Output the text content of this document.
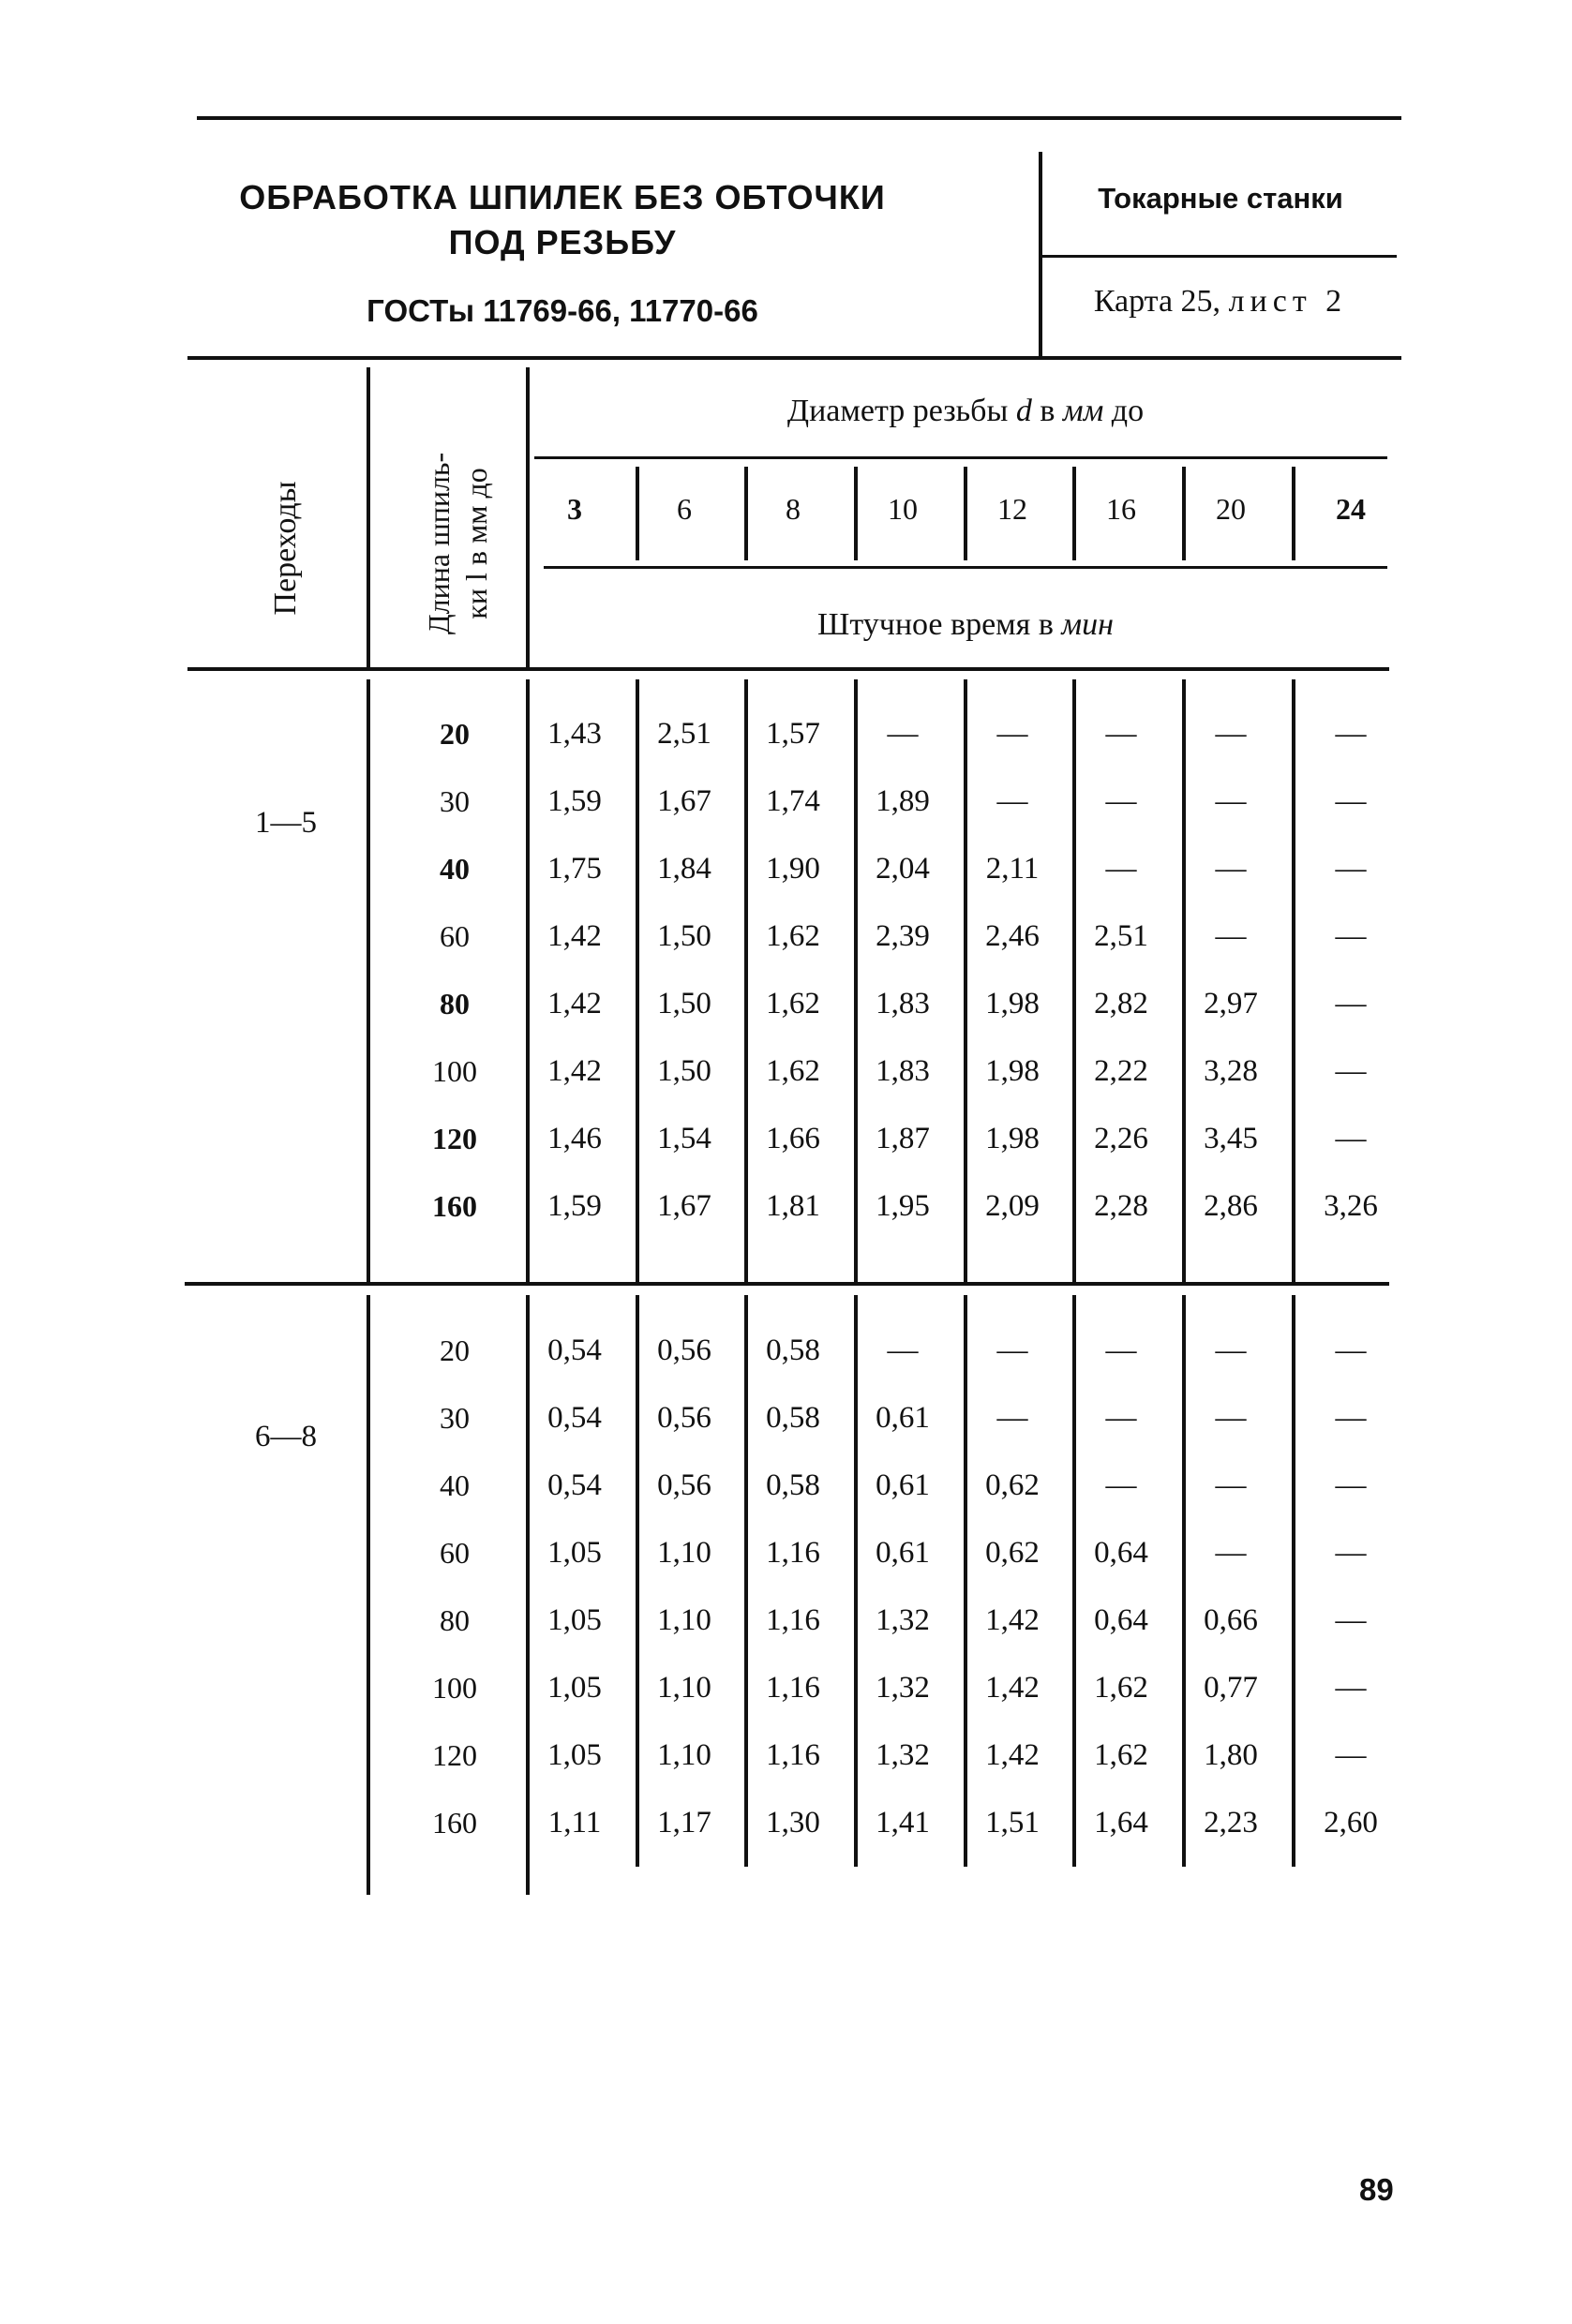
ОБРАБОТКА ШПИЛЕК БЕЗ ОБТОЧКИ
ПОД РЕЗЬБУ
ГОСТы 11769-66, 11770-66
Токарные станки
Карта 25, лист 2
Переходы	Длина шпиль- ки l в мм до
Диаметр резьбы d в мм до
3	6	8	10	12	16	20	24
Штучное время в мин
1—5
20	1,43	2,51	1,57	—	—	—	—	—
30	1,59	1,67	1,74	1,89	—	—	—	—
40	1,75	1,84	1,90	2,04	2,11	—	—	—
60	1,42	1,50	1,62	2,39	2,46	2,51	—	—
80	1,42	1,50	1,62	1,83	1,98	2,82	2,97	—
100	1,42	1,50	1,62	1,83	1,98	2,22	3,28	—
120	1,46	1,54	1,66	1,87	1,98	2,26	3,45	—
160	1,59	1,67	1,81	1,95	2,09	2,28	2,86	3,26
6—8
20	0,54	0,56	0,58	—	—	—	—	—
30	0,54	0,56	0,58	0,61	—	—	—	—
40	0,54	0,56	0,58	0,61	0,62	—	—	—
60	1,05	1,10	1,16	0,61	0,62	0,64	—	—
80	1,05	1,10	1,16	1,32	1,42	0,64	0,66	—
100	1,05	1,10	1,16	1,32	1,42	1,62	0,77	—
120	1,05	1,10	1,16	1,32	1,42	1,62	1,80	—
160	1,11	1,17	1,30	1,41	1,51	1,64	2,23	2,60
89
